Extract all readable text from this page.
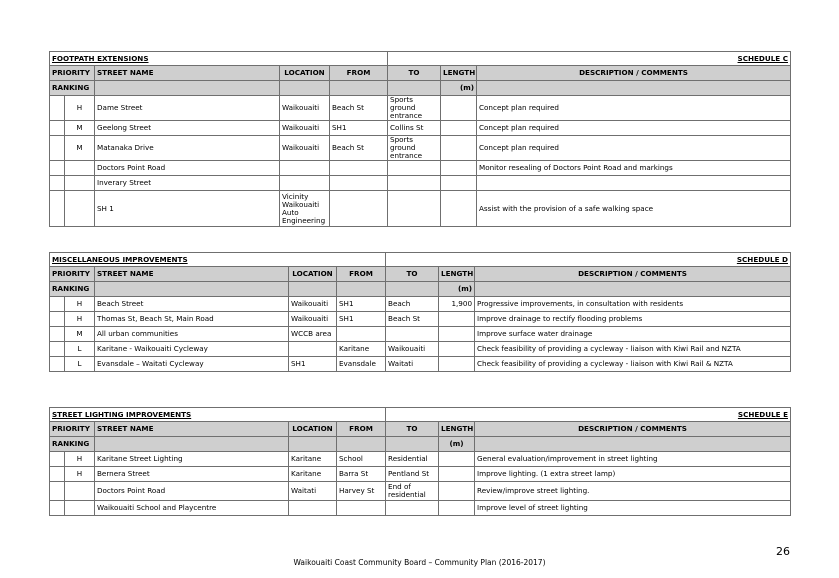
FOOTPATH EXTENSIONS					SCHEDULE C		
PRIORITY		STREET NAME	LOCATION	FROM	TO	LENGTH	DESCRIPTION / COMMENTS
RANKING						(m)	
	H	Dame Street	Waikouaiti	Beach St	Sports ground entrance		Concept plan required
	M	Geelong Street	Waikouaiti	SH1	Collins St		Concept plan required
	M	Matanaka Drive	Waikouaiti	Beach St	Sports ground entrance		Concept plan required
		Doctors Point Road					Monitor resealing of Doctors Point Road and markings
		Inverary Street					
		SH 1	Vicinity Waikouaiti Auto Engineering				Assist with the provision of a safe walking space
MISCELLANEOUS IMPROVEMENTS					SCHEDULE D		
PRIORITY		STREET NAME	LOCATION	FROM	TO	LENGTH	DESCRIPTION / COMMENTS
RANKING						(m)	
	H	Beach Street	Waikouaiti	SH1	Beach	1,900	Progressive improvements, in consultation with residents
	H	Thomas St, Beach St, Main Road	Waikouaiti	SH1	Beach St		Improve drainage to rectify flooding problems
	M	All urban communities	WCCB area				Improve surface water drainage
	L	Karitane - Waikouaiti Cycleway		Karitane	Waikouaiti		Check feasibility of providing a cycleway - liaison with Kiwi Rail and NZTA
	L	Evansdale – Waitati Cycleway	SH1	Evansdale	Waitati		Check feasibility of providing a cycleway - liaison with Kiwi Rail & NZTA
STREET LIGHTING IMPROVEMENTS					SCHEDULE E		
PRIORITY		STREET NAME	LOCATION	FROM	TO	LENGTH	DESCRIPTION / COMMENTS
RANKING						(m)	
	H	Karitane Street Lighting	Karitane	School	Residential		General evaluation/improvement in street lighting
	H	Bernera Street	Karitane	Barra St	Pentland St		Improve lighting. (1 extra street lamp)
		Doctors Point Road	Waitati	Harvey St	End of residential		Review/improve street lighting.
		Waikouaiti School and Playcentre					Improve level of street lighting
26
Waikouaiti Coast Community Board – Community Plan (2016-2017)
